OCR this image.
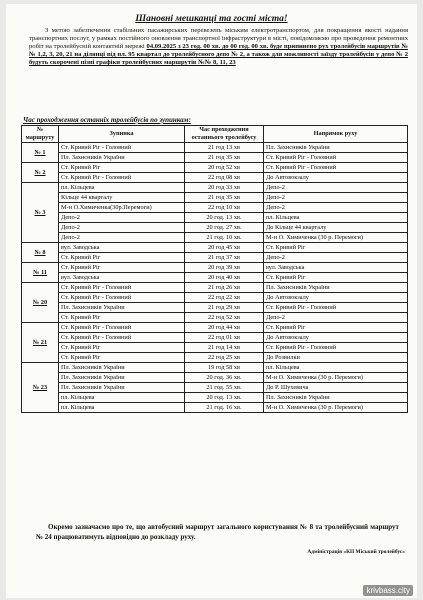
Шановні мешканці та гості міста!
З метою забезпечення стабільних пасажирських перевезень міським електротранспортом, для покращення якості надання транспортних послуг, у рамках постійного оновлення транспортної інфраструктури в місті, повідомляємо про проведення ремонтних робіт на тролейбусній контактній мережі 04.09.2025 з 23 год. 00 хв. до 00 год. 00 хв. буде припинено рух тролейбусів маршрутів №№ 1,2, 3, 20, 21 на ділянці від пл. 95 квартал до тролейбусного депо № 2, а також для можливості заїзду тролейбусів у депо № 2 будуть скорочені пізні графіки тролейбусних маршрутів №№ 8, 11, 23
Час проходження останніх тролейбусів по зупинкам:
№ маршруту	Зупинка	Час проходження останнього тролейбусу	Напрямок руху
№ 1	Ст. Кривий Ріг - Головний	21 год 13 хв	Пл. Захисників України
	Пл. Захисників України	21 год 35 хв	Ст. Кривий Ріг - Головний
№ 2	Ст. Кривий Ріг	20 год 52 хв	Ст. Кривий Ріг - Головний
	Ст. Кривий Ріг - Головний	22 год 08 хв	До Автовокзалу
№ 3	пл. Кільцева	20 год 33 хв	Депо-2
	Кільце 44 кварталу	21 год 35 хв	Депо-2
	М-н О.Химиченка(30р.Перемоги)	22 год 10 хв	Депо-2
	Депо-2	20 год. 13 хв.	пл. Кільцева
	Депо-2	20 год. 27 хв.	До Кільце 44 кварталу
	Депо-2	21 год. 10 хв.	М-н О. Химиченка (30 р. Перемоги)
№ 8	вул. Заводська	20 год 45 хв	Ст. Кривий Ріг
	Ст. Кривий Ріг	21 год 37 хв	Депо-2
№ 11	Ст. Кривий Ріг	20 год 39 хв	вул. Заводська
	вул. Заводська	20 год 40 хв	Ст. Кривий Ріг
№ 20	Ст. Кривий Ріг - Головний	21 год 26 хв	Пл. Захисників України
	Ст. Кривий Ріг - Головний	22 год 22 хв	До Автовокзалу
	Пл. Захисників України	21 год 29 хв	Ст. Кривий Ріг - Головний
	Ст. Кривий Ріг	22 год 52 хв	Депо-2
№ 21	Ст. Кривий Ріг - Головний	20 год 44 хв	Ст. Кривий Ріг
	Ст. Кривий Ріг - Головний	22 год 01 хв	До Автовокзалу
	Ст. Кривий Ріг	21 год 14 хв	Ст. Кривий Ріг - Головний
	Ст. Кривий Ріг	22 год 25 хв	До Розвилки
№ 23	Пл. Захисників України	19 год 58 хв	пл. Кільцева
	Пл. Захисників України	20 год. 36 хв.	М-н О. Химиченка (30 р. Перемоги)
	Пл. Захисників України	21 год. 55 хв.	До Р. Шухевича
	пл. Кільцева	20 год. 13 хв.	Пл. Захисників України
	пл. Кільцева	21 год. 16 хв.	М-н О. Химиченка (30 р. Перемоги)
Окремо зазначаємо про те, що автобусний маршрут загального користування № 8 та тролейбусний маршрут № 24 працюватимуть відповідно до розкладу руху.
Адміністрація «КП Міський тролейбус»
krivbass.city
